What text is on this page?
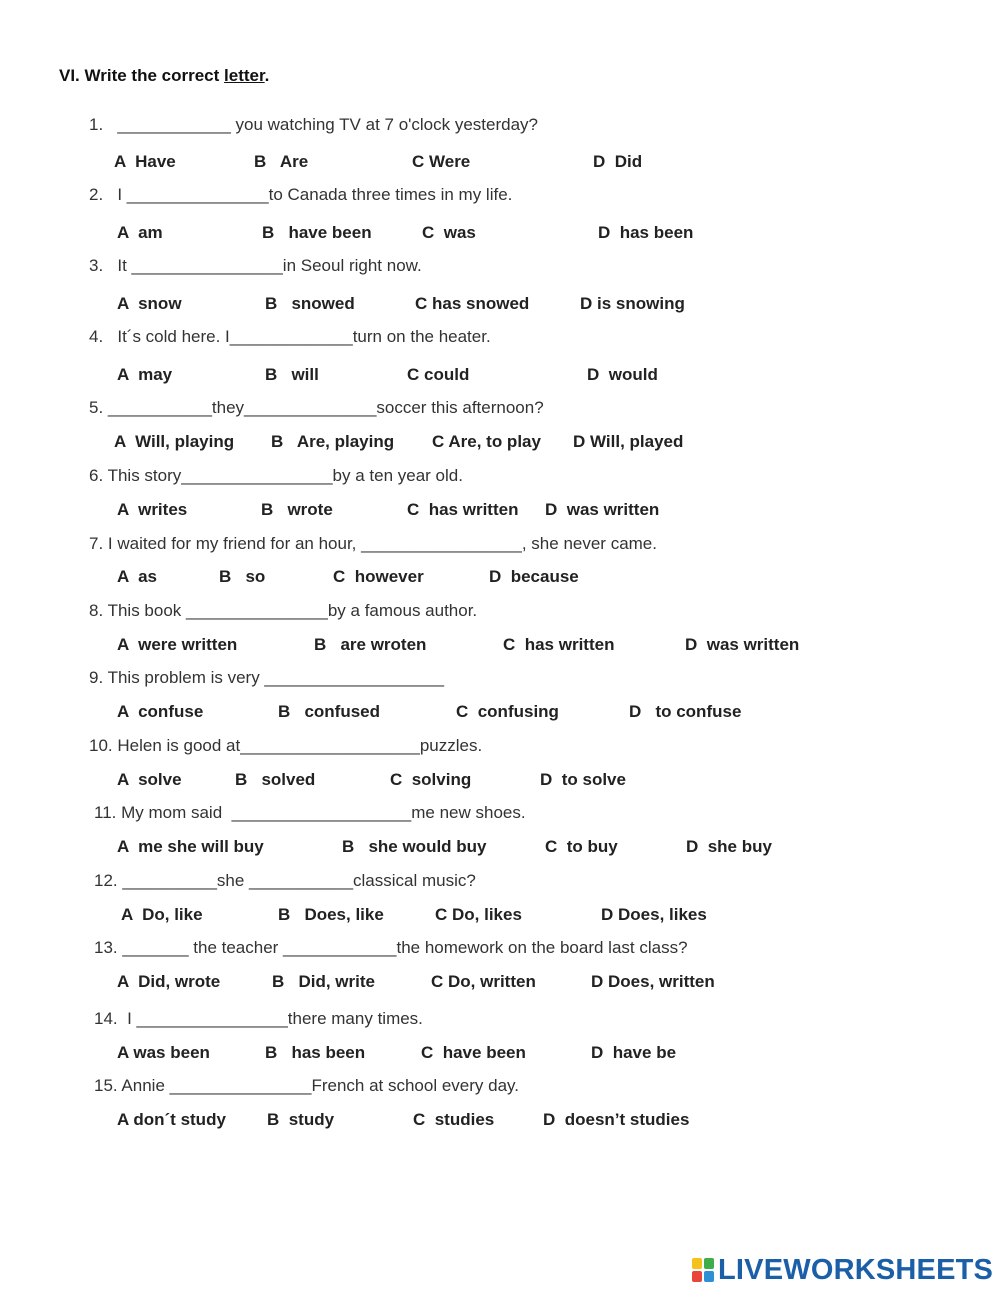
VI. Write the correct letter.
1.   ____________ you watching TV at 7 o'clock yesterday?
A  Have	B   Are	C Were	D  Did
2.   I _______________to Canada three times in my life.
A  am	B   have been	C  was	D  has been
3.   It ________________in Seoul right now.
A  snow	B   snowed	C has snowed	D is snowing
4.   It´s cold here. I_____________turn on the heater.
A  may	B   will	C could	D  would
5. ___________they______________soccer this afternoon?
A  Will, playing B   Are, playing C Are, to play D Will, played
6. This story________________by a ten year old.
A  writes	B   wrote	C  has written D  was written
7. I waited for my friend for an hour, _________________, she never came.
A  as	B   so	C  however	D  because
8. This book _______________by a famous author.
A  were written	B   are wroten	C  has written	D  was written
9. This problem is very ___________________
A  confuse	B   confused	C  confusing	D   to confuse
10. Helen is good at___________________puzzles.
A  solve	B   solved	C  solving	D  to solve
11. My mom said  ___________________me new shoes.
A  me she will buy	B   she would buy	C  to buy	D  she buy
12. __________she ___________classical music?
A  Do, like	B   Does, like	C Do, likes	D Does, likes
13. _______ the teacher ____________the homework on the board last class?
A  Did, wrote	B   Did, write	C Do, written	D Does, written
14.  I ________________there many times.
A was been	B   has been	C  have been	D  have be
15. Annie _______________French at school every day.
A don´t study B  study	C  studies	D  doesn’t studies
LIVEWORKSHEETS
